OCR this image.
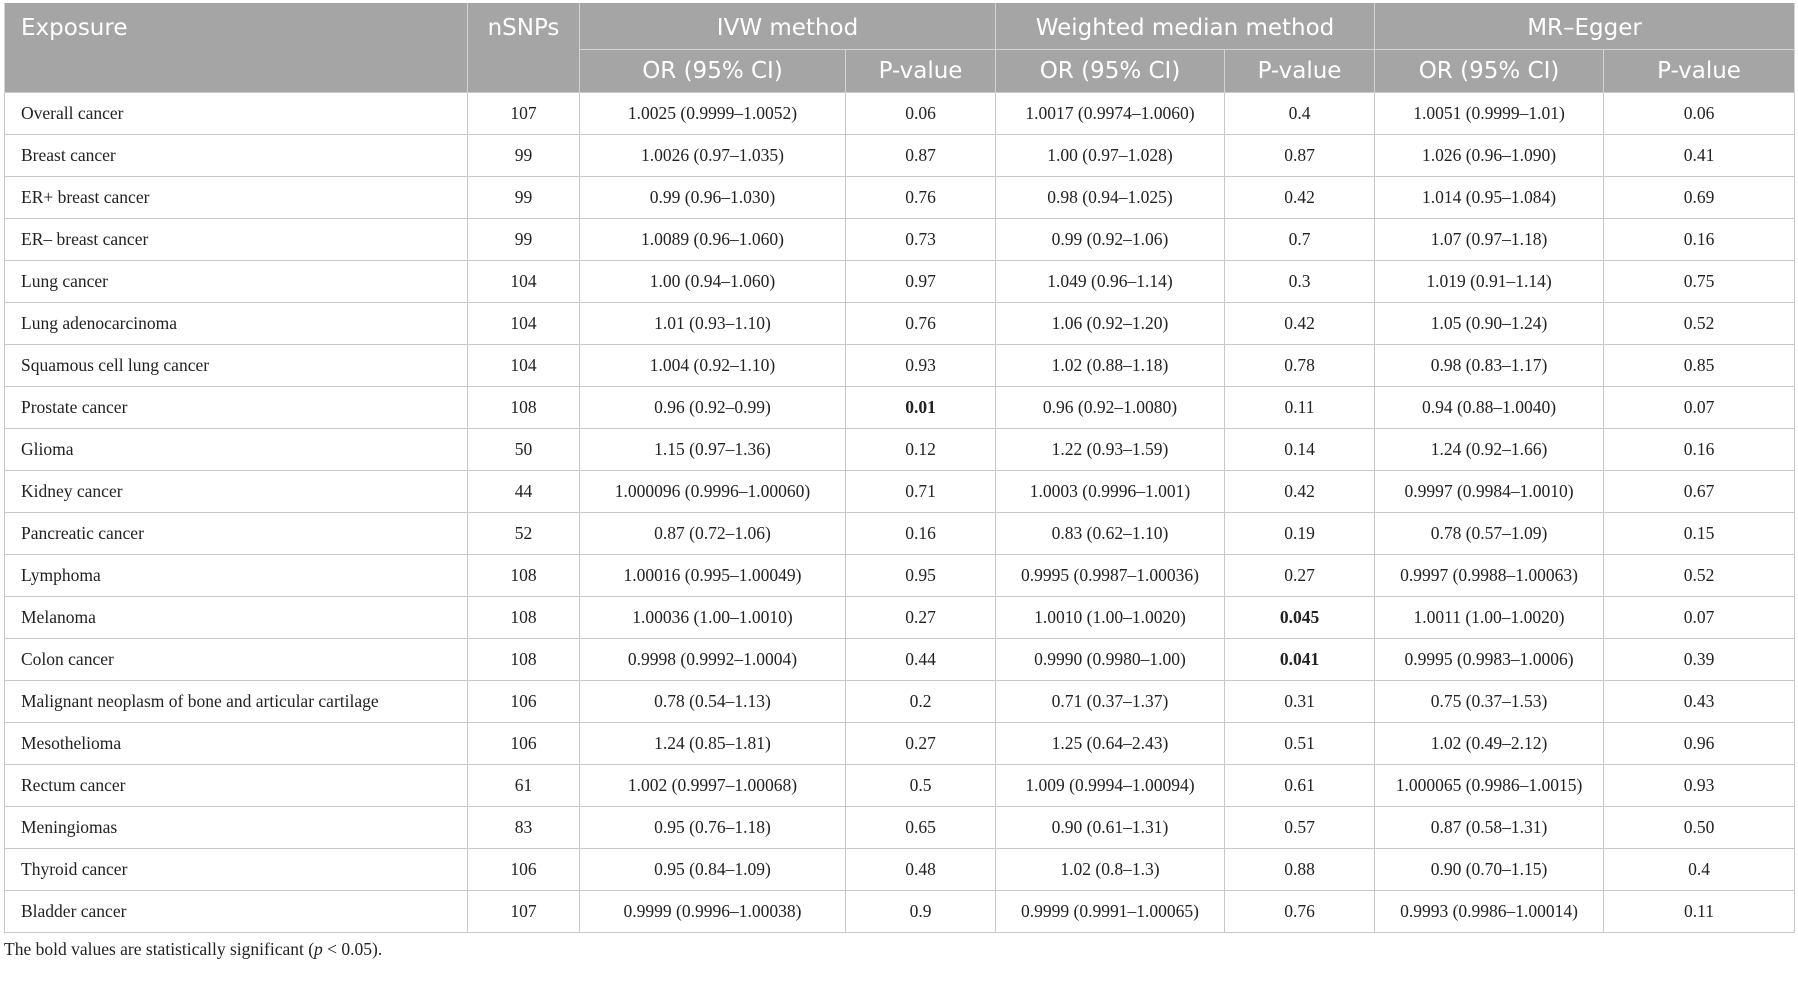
Exposure	nSNPs	IVW method		Weighted median method		MR–Egger	
		OR (95% CI)	P-value	OR (95% CI)	P-value	OR (95% CI)	P-value
Overall cancer	107	1.0025 (0.9999–1.0052)	0.06	1.0017 (0.9974–1.0060)	0.4	1.0051 (0.9999–1.01)	0.06
Breast cancer	99	1.0026 (0.97–1.035)	0.87	1.00 (0.97–1.028)	0.87	1.026 (0.96–1.090)	0.41
ER+ breast cancer	99	0.99 (0.96–1.030)	0.76	0.98 (0.94–1.025)	0.42	1.014 (0.95–1.084)	0.69
ER– breast cancer	99	1.0089 (0.96–1.060)	0.73	0.99 (0.92–1.06)	0.7	1.07 (0.97–1.18)	0.16
Lung cancer	104	1.00 (0.94–1.060)	0.97	1.049 (0.96–1.14)	0.3	1.019 (0.91–1.14)	0.75
Lung adenocarcinoma	104	1.01 (0.93–1.10)	0.76	1.06 (0.92–1.20)	0.42	1.05 (0.90–1.24)	0.52
Squamous cell lung cancer	104	1.004 (0.92–1.10)	0.93	1.02 (0.88–1.18)	0.78	0.98 (0.83–1.17)	0.85
Prostate cancer	108	0.96 (0.92–0.99)	0.01	0.96 (0.92–1.0080)	0.11	0.94 (0.88–1.0040)	0.07
Glioma	50	1.15 (0.97–1.36)	0.12	1.22 (0.93–1.59)	0.14	1.24 (0.92–1.66)	0.16
Kidney cancer	44	1.000096 (0.9996–1.00060)	0.71	1.0003 (0.9996–1.001)	0.42	0.9997 (0.9984–1.0010)	0.67
Pancreatic cancer	52	0.87 (0.72–1.06)	0.16	0.83 (0.62–1.10)	0.19	0.78 (0.57–1.09)	0.15
Lymphoma	108	1.00016 (0.995–1.00049)	0.95	0.9995 (0.9987–1.00036)	0.27	0.9997 (0.9988–1.00063)	0.52
Melanoma	108	1.00036 (1.00–1.0010)	0.27	1.0010 (1.00–1.0020)	0.045	1.0011 (1.00–1.0020)	0.07
Colon cancer	108	0.9998 (0.9992–1.0004)	0.44	0.9990 (0.9980–1.00)	0.041	0.9995 (0.9983–1.0006)	0.39
Malignant neoplasm of bone and articular cartilage	106	0.78 (0.54–1.13)	0.2	0.71 (0.37–1.37)	0.31	0.75 (0.37–1.53)	0.43
Mesothelioma	106	1.24 (0.85–1.81)	0.27	1.25 (0.64–2.43)	0.51	1.02 (0.49–2.12)	0.96
Rectum cancer	61	1.002 (0.9997–1.00068)	0.5	1.009 (0.9994–1.00094)	0.61	1.000065 (0.9986–1.0015)	0.93
Meningiomas	83	0.95 (0.76–1.18)	0.65	0.90 (0.61–1.31)	0.57	0.87 (0.58–1.31)	0.50
Thyroid cancer	106	0.95 (0.84–1.09)	0.48	1.02 (0.8–1.3)	0.88	0.90 (0.70–1.15)	0.4
Bladder cancer	107	0.9999 (0.9996–1.00038)	0.9	0.9999 (0.9991–1.00065)	0.76	0.9993 (0.9986–1.00014)	0.11
The bold values are statistically significant (p < 0.05).
